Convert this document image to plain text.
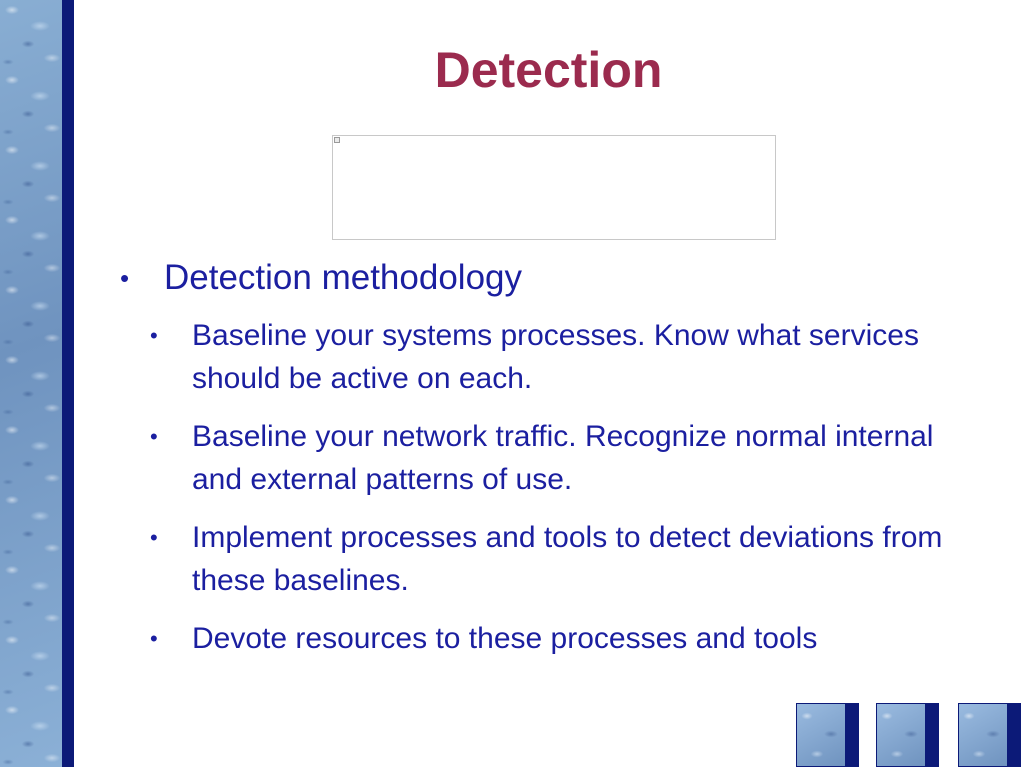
Detection
• Detection methodology
•	Baseline your systems processes. Know what services should be active on each.
•	Baseline your network traffic. Recognize normal internal and external patterns of use.
•	Implement processes and tools to detect deviations from these baselines.
•	Devote resources to these processes and tools
